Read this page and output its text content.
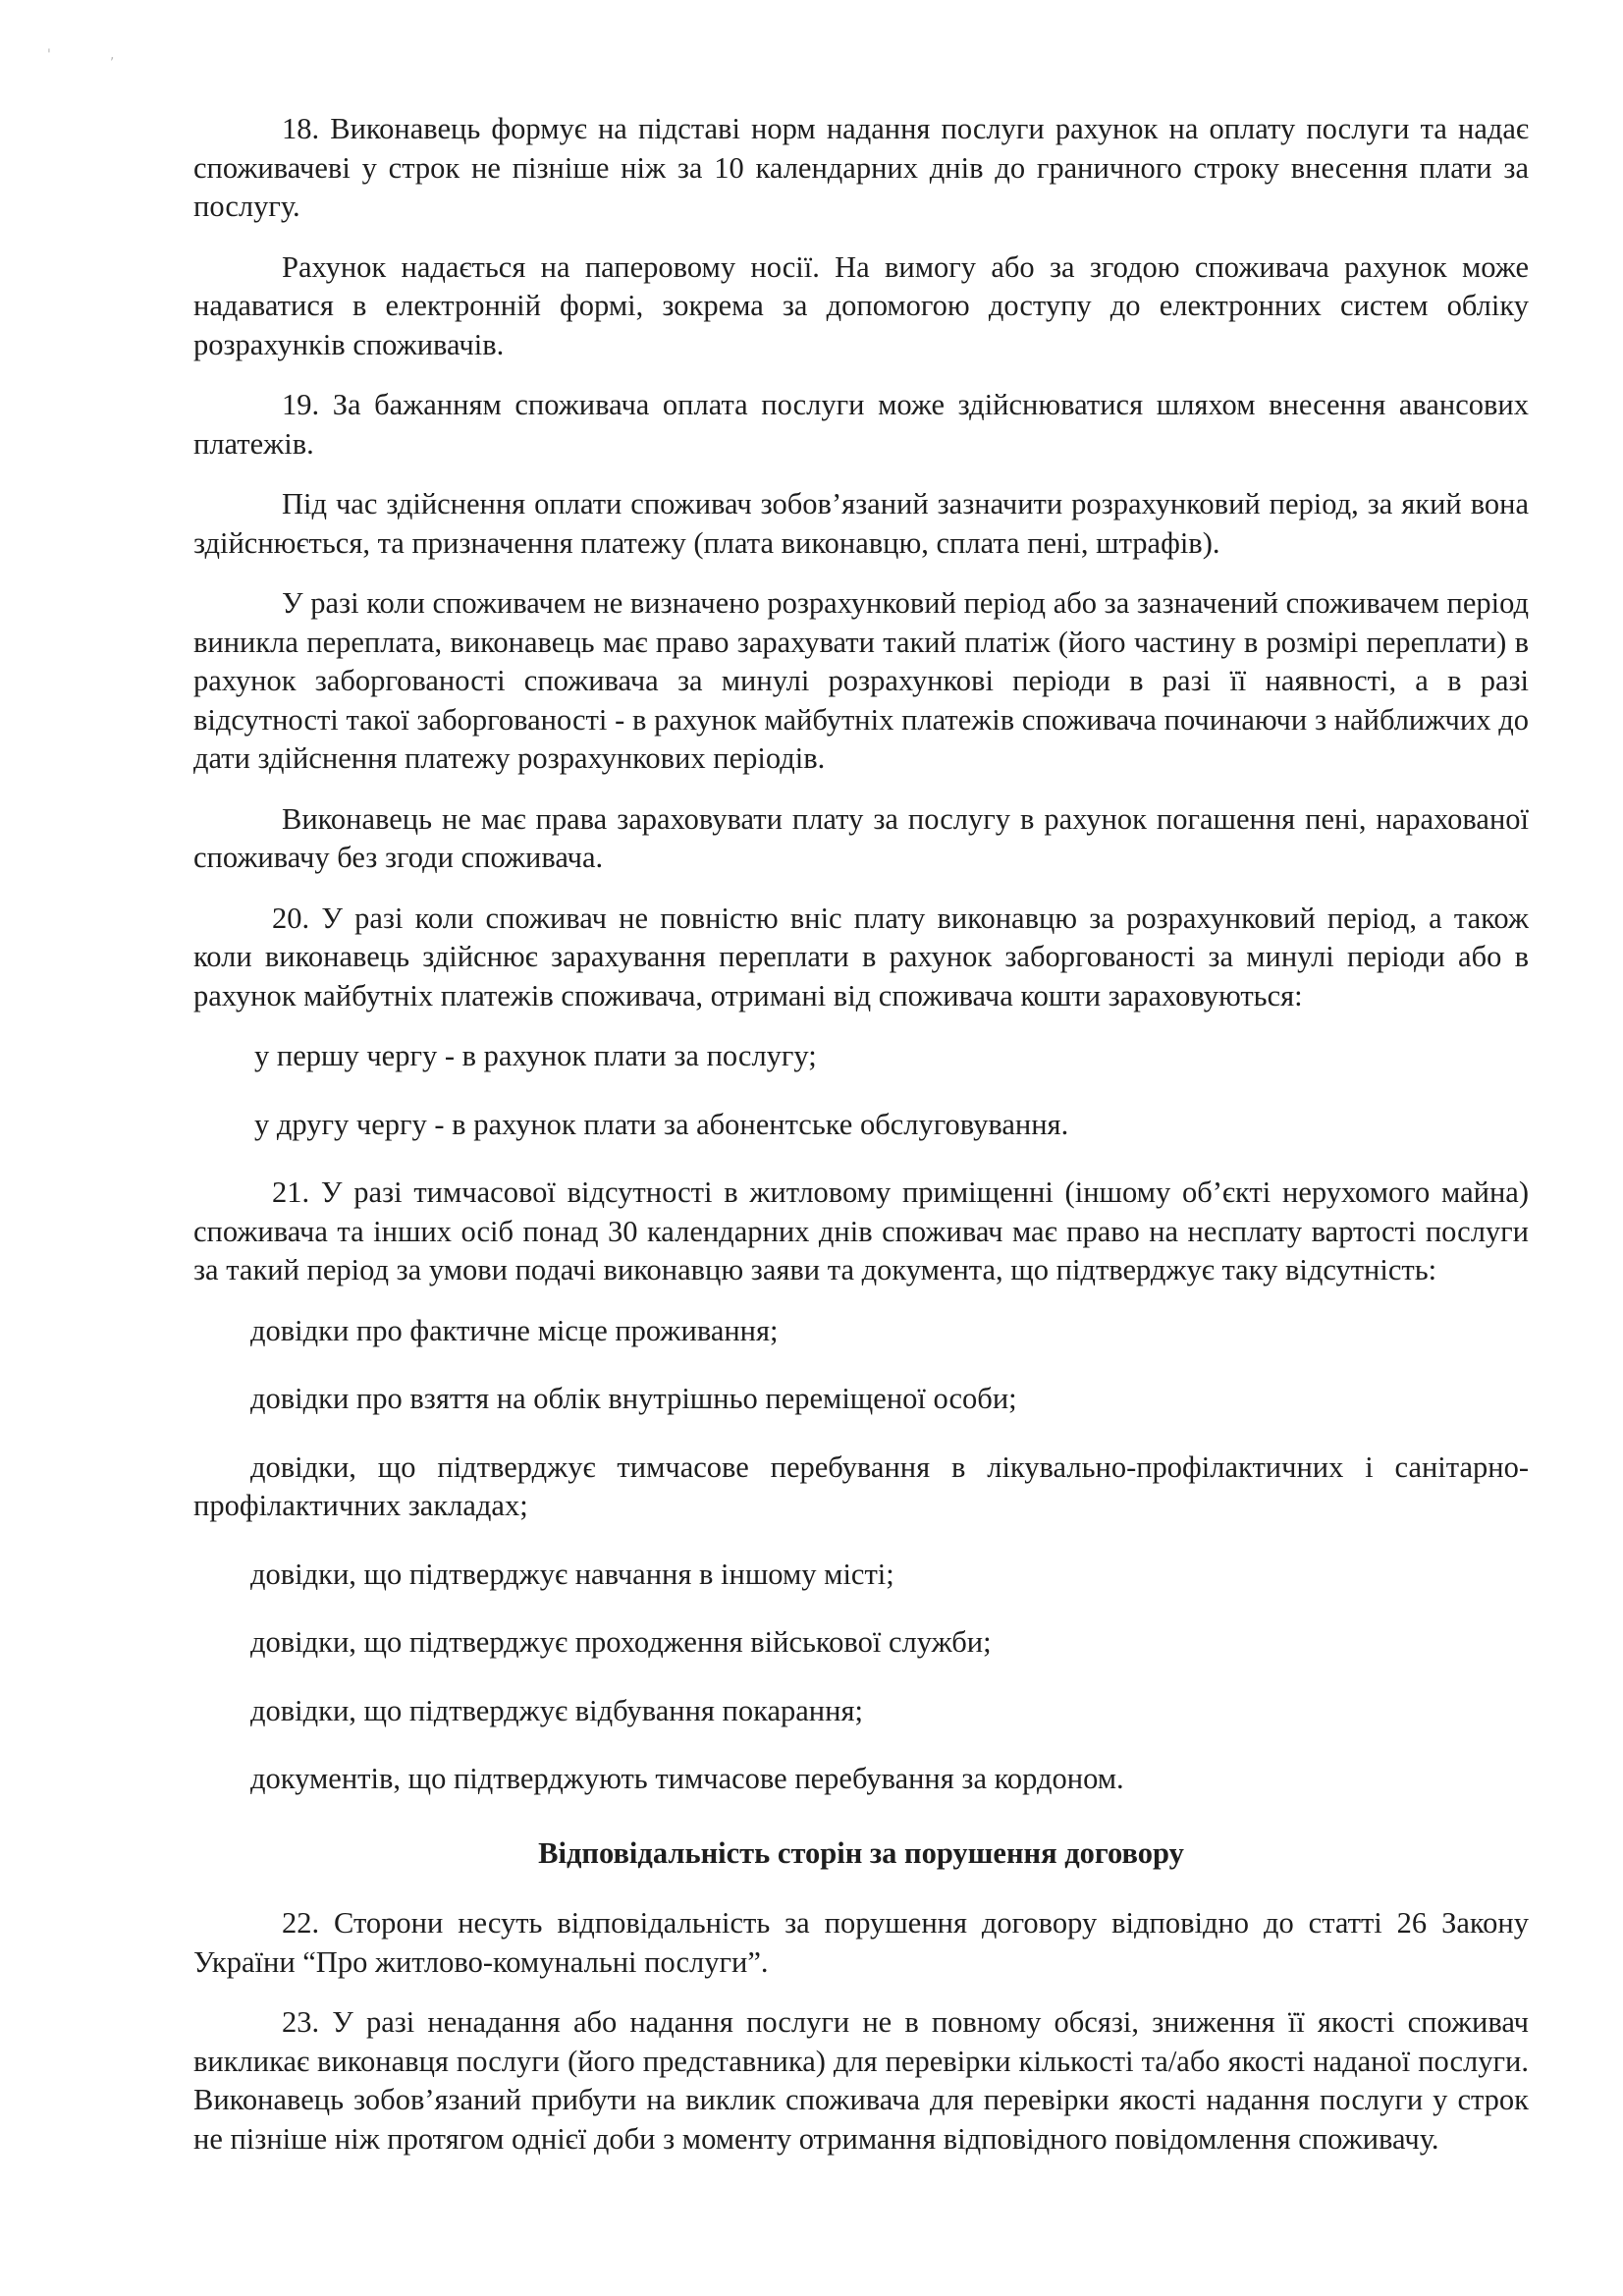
'	,

18. Виконавець формує на підставі норм надання послуги рахунок на оплату послуги та надає споживачеві у строк не пізніше ніж за 10 календарних днів до граничного строку внесення плати за послугу.

Рахунок надається на паперовому носії. На вимогу або за згодою споживача рахунок може надаватися в електронній формі, зокрема за допомогою доступу до електронних систем обліку розрахунків споживачів.

19. За бажанням споживача оплата послуги може здійснюватися шляхом внесення авансових платежів.

Під час здійснення оплати споживач зобов’язаний зазначити розрахунковий період, за який вона здійснюється, та призначення платежу (плата виконавцю, сплата пені, штрафів).

У разі коли споживачем не визначено розрахунковий період або за зазначений споживачем період виникла переплата, виконавець має право зарахувати такий платіж (його частину в розмірі переплати) в рахунок заборгованості споживача за минулі розрахункові періоди в разі її наявності, а в разі відсутності такої заборгованості - в рахунок майбутніх платежів споживача починаючи з найближчих до дати здійснення платежу розрахункових періодів.

Виконавець не має права зараховувати плату за послугу в рахунок погашення пені, нарахованої споживачу без згоди споживача.

20. У разі коли споживач не повністю вніс плату виконавцю за розрахунковий період, а також коли виконавець здійснює зарахування переплати в рахунок заборгованості за минулі періоди або в рахунок майбутніх платежів споживача, отримані від споживача кошти зараховуються:

у першу чергу - в рахунок плати за послугу;

у другу чергу - в рахунок плати за абонентське обслуговування.

21. У разі тимчасової відсутності в житловому приміщенні (іншому об’єкті нерухомого майна) споживача та інших осіб понад 30 календарних днів споживач має право на несплату вартості послуги за такий період за умови подачі виконавцю заяви та документа, що підтверджує таку відсутність:

довідки про фактичне місце проживання;

довідки про взяття на облік внутрішньо переміщеної особи;

довідки, що підтверджує тимчасове перебування в лікувально-профілактичних і санітарно-профілактичних закладах;

довідки, що підтверджує навчання в іншому місті;

довідки, що підтверджує проходження військової служби;

довідки, що підтверджує відбування покарання;

документів, що підтверджують тимчасове перебування за кордоном.

Відповідальність сторін за порушення договору

22. Сторони несуть відповідальність за порушення договору відповідно до статті 26 Закону України “Про житлово-комунальні послуги”.

23. У разі ненадання або надання послуги не в повному обсязі, зниження її якості споживач викликає виконавця послуги (його представника) для перевірки кількості та/або якості наданої послуги. Виконавець зобов’язаний прибути на виклик споживача для перевірки якості надання послуги у строк не пізніше ніж протягом однієї доби з моменту отримання відповідного повідомлення споживачу.
